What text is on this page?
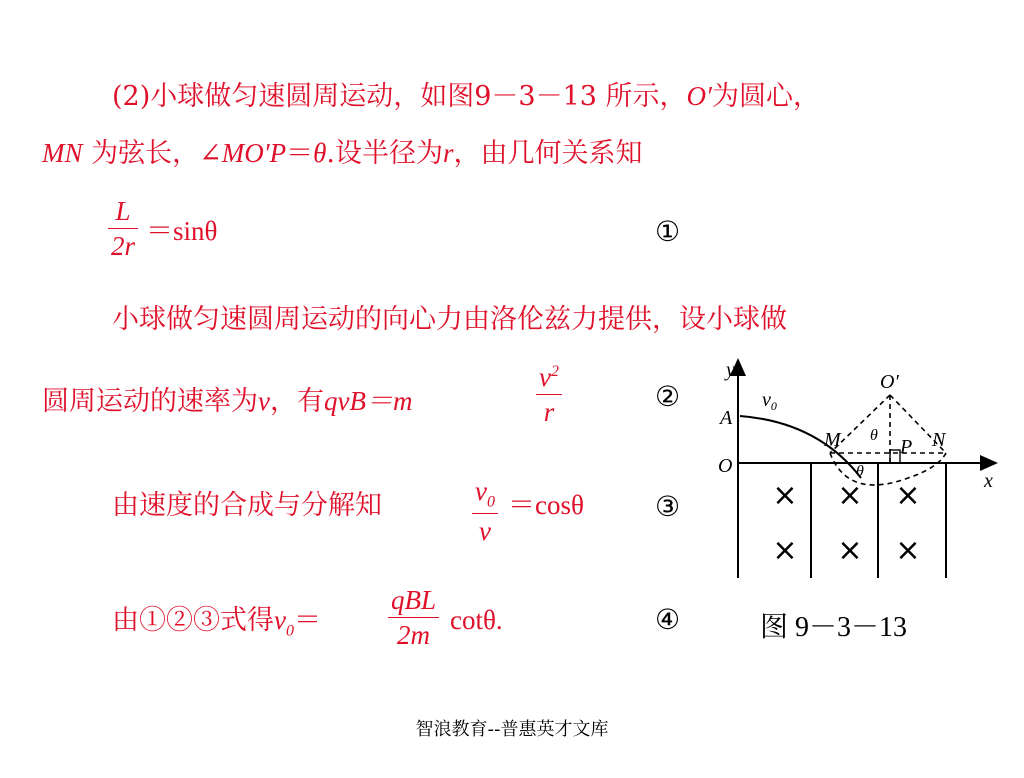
(2)小球做匀速圆周运动，如图9－3－13 所示，O′为圆心，
MN 为弦长，∠MO′P＝θ.设半径为r，由几何关系知
L
2r ＝sinθ	①
小球做匀速圆周运动的向心力由洛伦兹力提供，设小球做
圆周运动的速率为v，有qvB＝m
$v^2$
r	②
由速度的合成与分解知	$v_0$
v
＝cosθ	③
由①②③式得$v_0=$
qBL
2m cotθ.	④
× × ×
× × ×
y
x
O
A
$v_0$
O′
M	N
P
θ
θ
图 9－3－13
智浪教育--普惠英才文库
